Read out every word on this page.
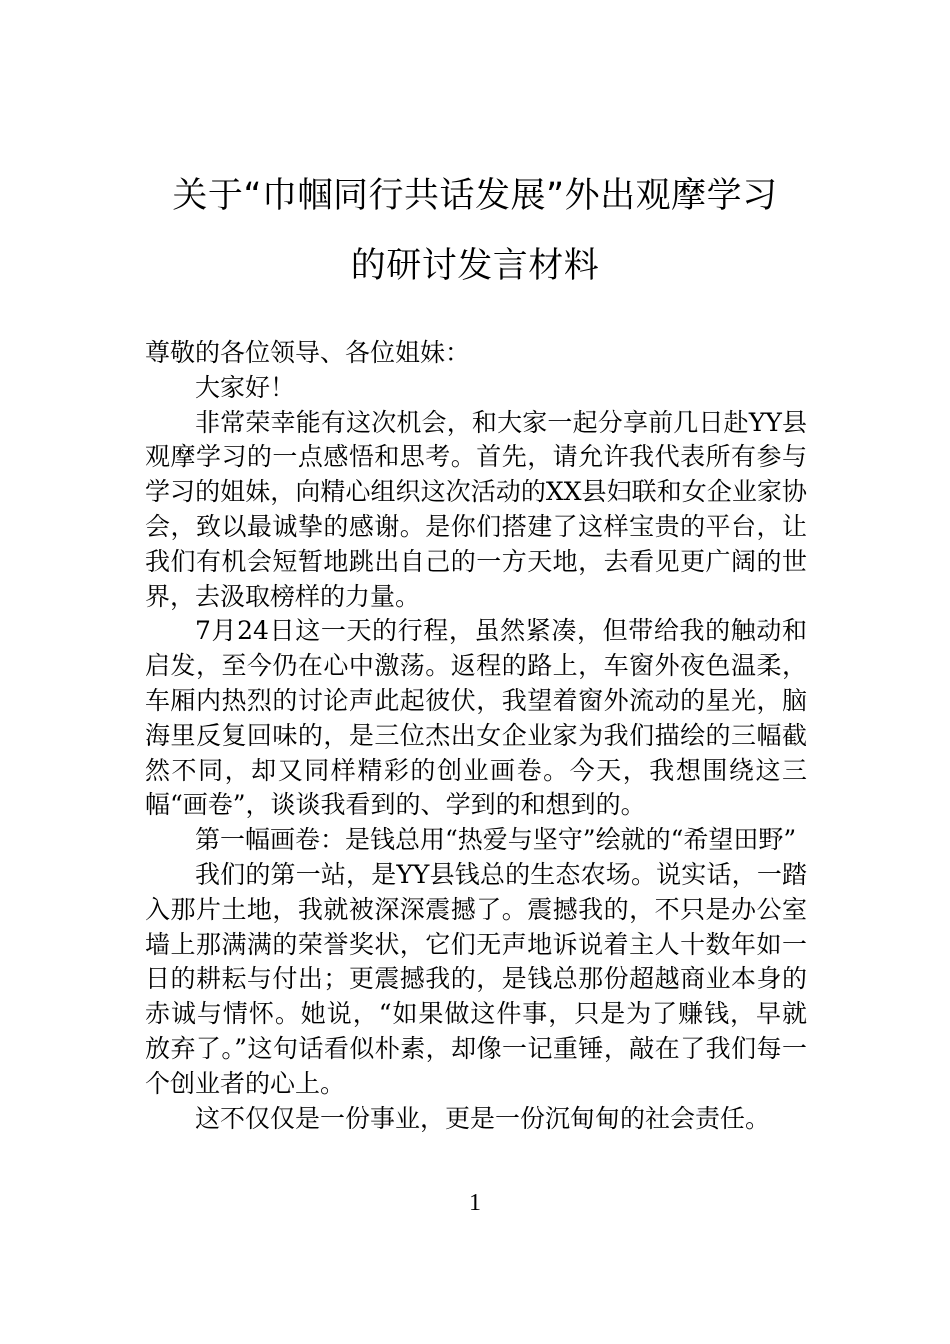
关于“巾帼同行共话发展”外出观摩学习
的研讨发言材料

尊敬的各位领导、各位姐妹：

大家好！

非常荣幸能有这次机会，和大家一起分享前几日赴YY县观摩学习的一点感悟和思考。首先，请允许我代表所有参与学习的姐妹，向精心组织这次活动的XX县妇联和女企业家协会，致以最诚挚的感谢。是你们搭建了这样宝贵的平台，让我们有机会短暂地跳出自己的一方天地，去看见更广阔的世界，去汲取榜样的力量。

7月24日这一天的行程，虽然紧凑，但带给我的触动和启发，至今仍在心中激荡。返程的路上，车窗外夜色温柔，车厢内热烈的讨论声此起彼伏，我望着窗外流动的星光，脑海里反复回味的，是三位杰出女企业家为我们描绘的三幅截然不同，却又同样精彩的创业画卷。今天，我想围绕这三幅“画卷”，谈谈我看到的、学到的和想到的。

第一幅画卷：是钱总用“热爱与坚守”绘就的“希望田野”

我们的第一站，是YY县钱总的生态农场。说实话，一踏入那片土地，我就被深深震撼了。震撼我的，不只是办公室墙上那满满的荣誉奖状，它们无声地诉说着主人十数年如一日的耕耘与付出；更震撼我的，是钱总那份超越商业本身的赤诚与情怀。她说，“如果做这件事，只是为了赚钱，早就放弃了。”这句话看似朴素，却像一记重锤，敲在了我们每一个创业者的心上。

这不仅仅是一份事业，更是一份沉甸甸的社会责任。

1
